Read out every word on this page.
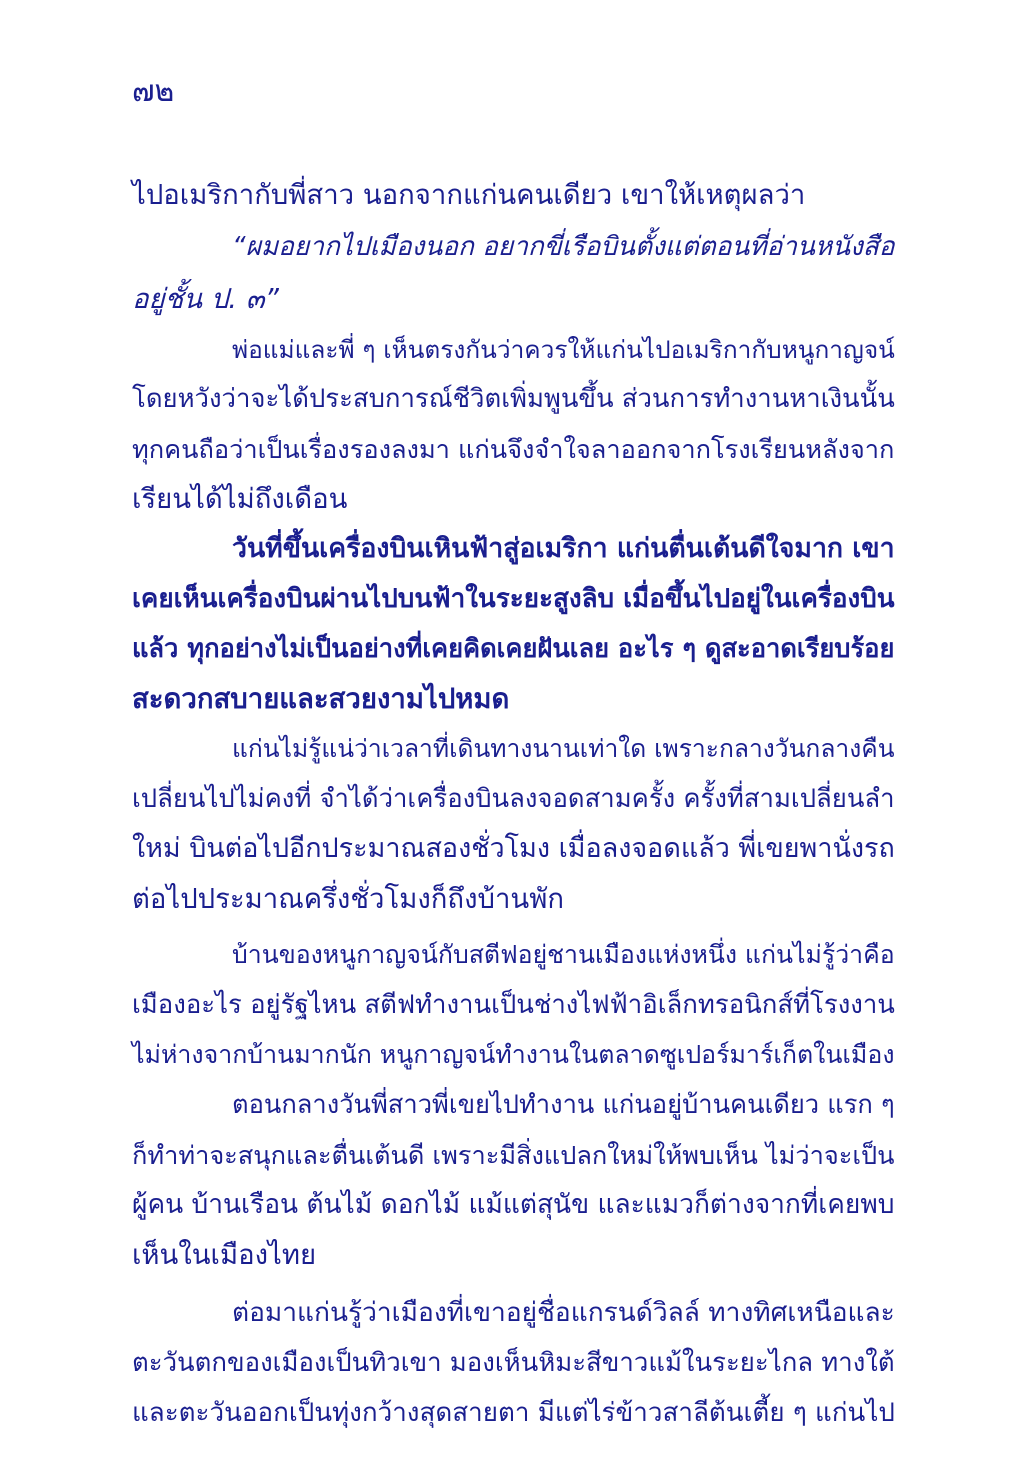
๗๒
ไปอเมริกากับพี่สาว นอกจากแก่นคนเดียว เขาให้เหตุผลว่า
“ผมอยากไปเมืองนอก อยากขี่เรือบินตั้งแต่ตอนที่อ่านหนังสือ
อยู่ชั้น ป. ๓”
พ่อแม่และพี่ ๆ เห็นตรงกันว่าควรให้แก่นไปอเมริกากับหนูกาญจน์
โดยหวังว่าจะได้ประสบการณ์ชีวิตเพิ่มพูนขึ้น ส่วนการทำงานหาเงินนั้น
ทุกคนถือว่าเป็นเรื่องรองลงมา แก่นจึงจำใจลาออกจากโรงเรียนหลังจาก
เรียนได้ไม่ถึงเดือน
วันที่ขึ้นเครื่องบินเหินฟ้าสู่อเมริกา แก่นตื่นเต้นดีใจมาก เขา
เคยเห็นเครื่องบินผ่านไปบนฟ้าในระยะสูงลิบ เมื่อขึ้นไปอยู่ในเครื่องบิน
แล้ว ทุกอย่างไม่เป็นอย่างที่เคยคิดเคยฝันเลย อะไร ๆ ดูสะอาดเรียบร้อย
สะดวกสบายและสวยงามไปหมด
แก่นไม่รู้แน่ว่าเวลาที่เดินทางนานเท่าใด เพราะกลางวันกลางคืน
เปลี่ยนไปไม่คงที่ จำได้ว่าเครื่องบินลงจอดสามครั้ง ครั้งที่สามเปลี่ยนลำ
ใหม่ บินต่อไปอีกประมาณสองชั่วโมง เมื่อลงจอดแล้ว พี่เขยพานั่งรถ
ต่อไปประมาณครึ่งชั่วโมงก็ถึงบ้านพัก
บ้านของหนูกาญจน์กับสตีฟอยู่ชานเมืองแห่งหนึ่ง แก่นไม่รู้ว่าคือ
เมืองอะไร อยู่รัฐไหน สตีฟทำงานเป็นช่างไฟฟ้าอิเล็กทรอนิกส์ที่โรงงาน
ไม่ห่างจากบ้านมากนัก หนูกาญจน์ทำงานในตลาดซูเปอร์มาร์เก็ตในเมือง
ตอนกลางวันพี่สาวพี่เขยไปทำงาน แก่นอยู่บ้านคนเดียว แรก ๆ
ก็ทำท่าจะสนุกและตื่นเต้นดี เพราะมีสิ่งแปลกใหม่ให้พบเห็น ไม่ว่าจะเป็น
ผู้คน บ้านเรือน ต้นไม้ ดอกไม้ แม้แต่สุนัข และแมวก็ต่างจากที่เคยพบ
เห็นในเมืองไทย
ต่อมาแก่นรู้ว่าเมืองที่เขาอยู่ชื่อแกรนด์วิลล์ ทางทิศเหนือและ
ตะวันตกของเมืองเป็นทิวเขา มองเห็นหิมะสีขาวแม้ในระยะไกล ทางใต้
และตะวันออกเป็นทุ่งกว้างสุดสายตา มีแต่ไร่ข้าวสาลีต้นเตี้ย ๆ แก่นไป
